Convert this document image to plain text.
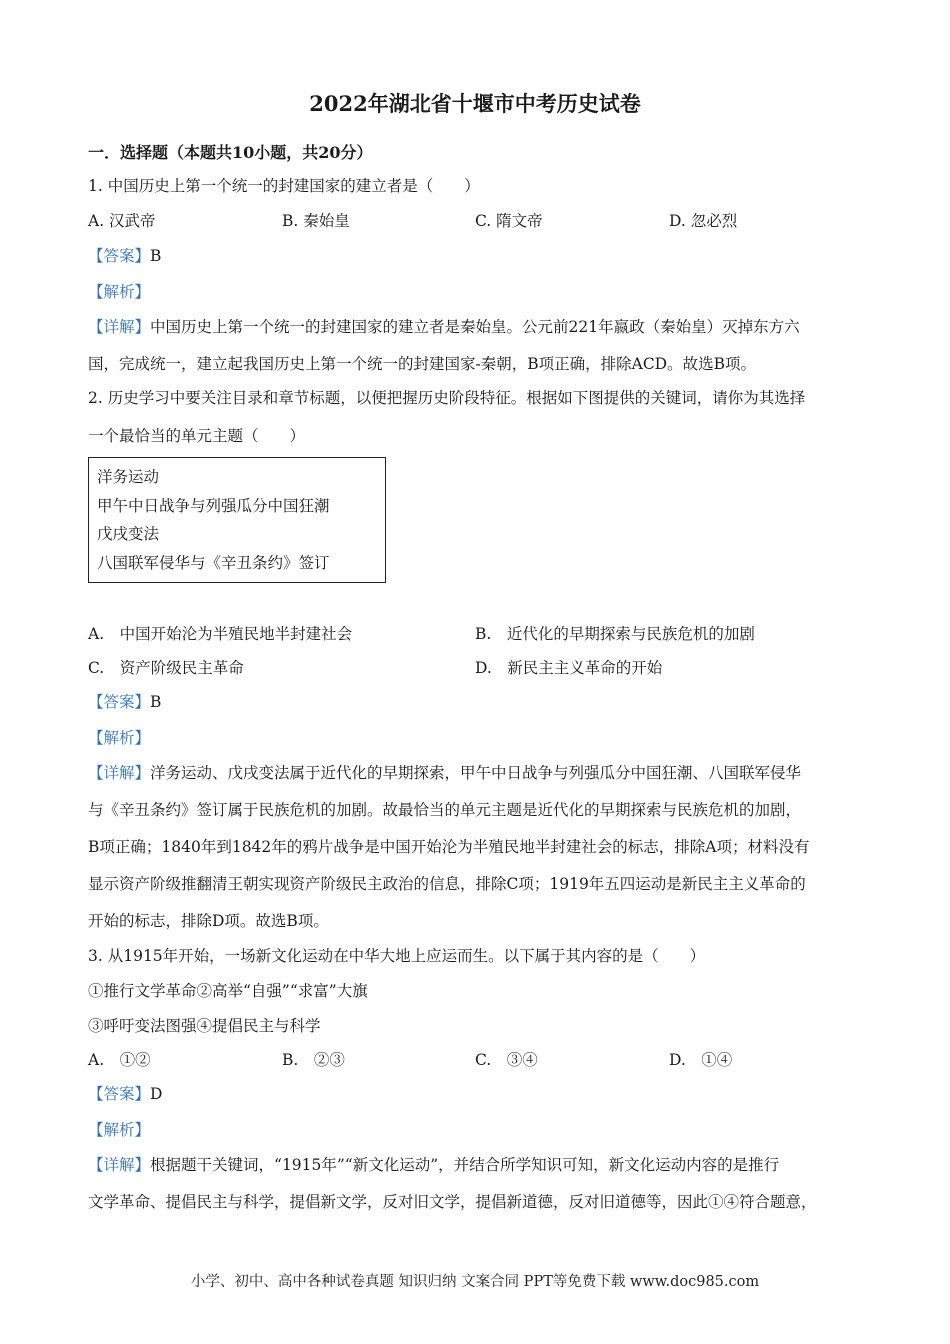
2022年湖北省十堰市中考历史试卷
一．选择题（本题共10小题，共20分）
1. 中国历史上第一个统一的封建国家的建立者是（　　）
A. 汉武帝	B. 秦始皇	C. 隋文帝	D. 忽必烈
【答案】B
【解析】
【详解】中国历史上第一个统一的封建国家的建立者是秦始皇。公元前221年嬴政（秦始皇）灭掉东方六
国，完成统一，建立起我国历史上第一个统一的封建国家-秦朝，B项正确，排除ACD。故选B项。
2. 历史学习中要关注目录和章节标题，以便把握历史阶段特征。根据如下图提供的关键词，请你为其选择
一个最恰当的单元主题（　　）
洋务运动
甲午中日战争与列强瓜分中国狂潮
戊戌变法
八国联军侵华与《辛丑条约》签订
A.　中国开始沦为半殖民地半封建社会	B.　近代化的早期探索与民族危机的加剧
C.　资产阶级民主革命	D.　新民主主义革命的开始
【答案】B
【解析】
【详解】洋务运动、戊戌变法属于近代化的早期探索，甲午中日战争与列强瓜分中国狂潮、八国联军侵华
与《辛丑条约》签订属于民族危机的加剧。故最恰当的单元主题是近代化的早期探索与民族危机的加剧，
B项正确；1840年到1842年的鸦片战争是中国开始沦为半殖民地半封建社会的标志，排除A项；材料没有
显示资产阶级推翻清王朝实现资产阶级民主政治的信息，排除C项；1919年五四运动是新民主主义革命的
开始的标志，排除D项。故选B项。
3. 从1915年开始，一场新文化运动在中华大地上应运而生。以下属于其内容的是（　　）
①推行文学革命②高举“自强”“求富”大旗
③呼吁变法图强④提倡民主与科学
A.　①②	B.　②③	C.　③④	D.　①④
【答案】D
【解析】
【详解】根据题干关键词，“1915年”“新文化运动”，并结合所学知识可知，新文化运动内容的是推行
文学革命、提倡民主与科学，提倡新文学，反对旧文学，提倡新道德，反对旧道德等，因此①④符合题意，
小学、初中、高中各种试卷真题 知识归纳 文案合同 PPT等免费下载 www.doc985.com
